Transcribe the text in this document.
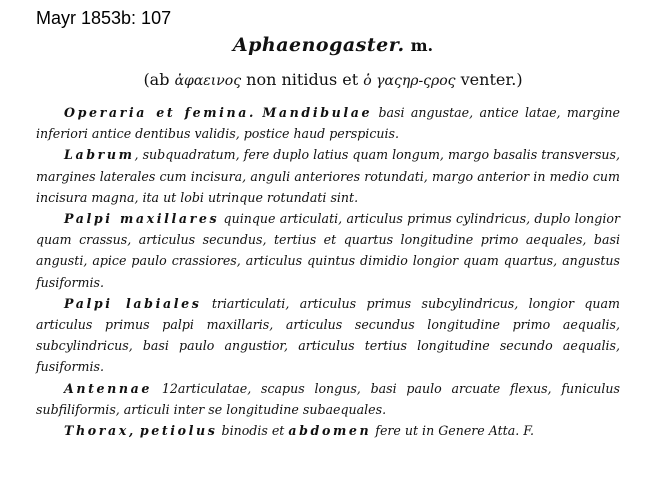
Mayr 1853b: 107
Aphaenogaster. m.
(ab ἀφαεινος non nitidus et ὁ γαςηρ-ςρος venter.)

Operaria et femina. Mandibulae basi angustae, antice latae, margine inferiori antice dentibus validis, postice haud perspicuis.

Labrum, subquadratum, fere duplo latius quam longum, margo basalis transversus, margines laterales cum incisura, anguli anteriores rotundati, margo anterior in medio cum incisura magna, ita ut lobi utrinque rotundati sint.

Palpi maxillares quinque articulati, articulus primus cylindricus, duplo longior quam crassus, articulus secundus, tertius et quartus longitudine primo aequales, basi angusti, apice paulo crassiores, articulus quintus dimidio longior quam quartus, angustus fusiformis.

Palpi labiales triarticulati, articulus primus subcylindricus, longior quam articulus primus palpi maxillaris, articulus secundus longitudine primo aequalis, subcylindricus, basi paulo angustior, articulus tertius longitudine secundo aequalis, fusiformis.

Antennae 12articulatae, scapus longus, basi paulo arcuate flexus, funiculus subfiliformis, articuli inter se longitudine subaequales.

Thorax, petiolus binodis et abdomen fere ut in Genere Atta. F.
